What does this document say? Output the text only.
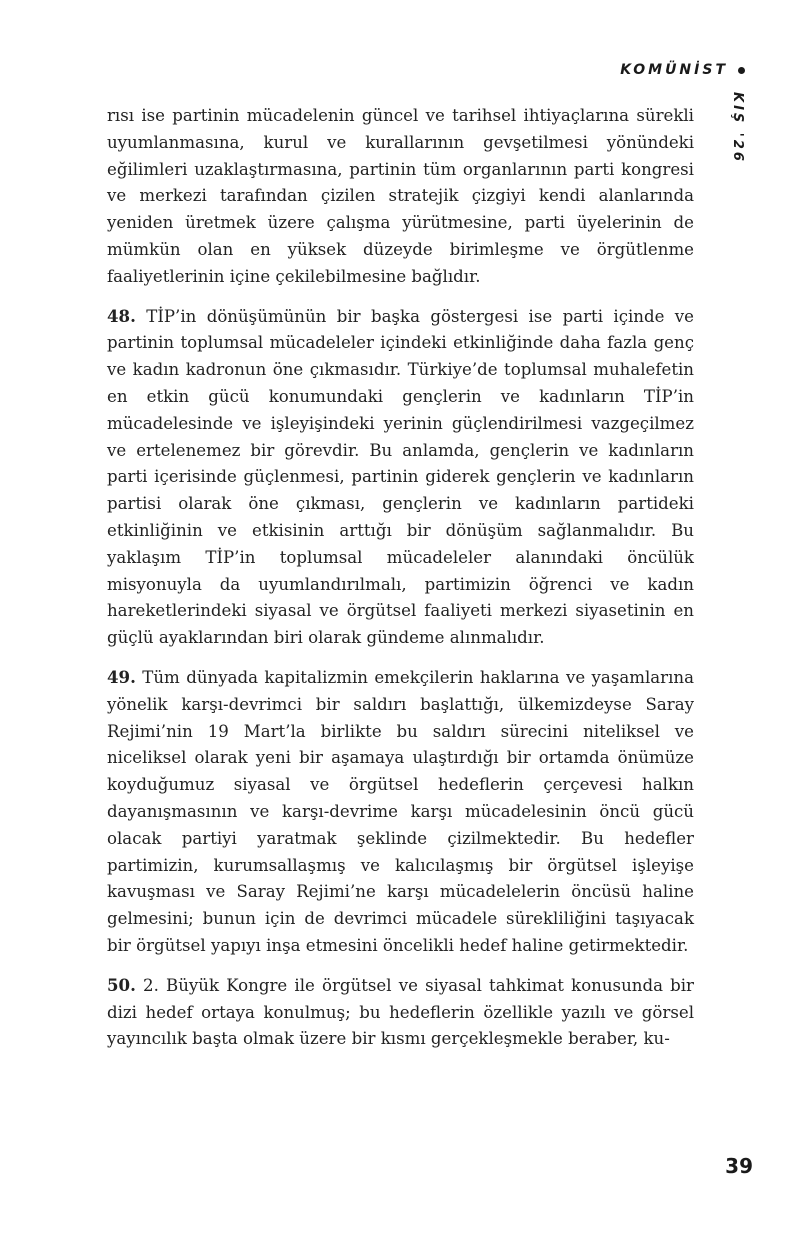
KOMÜNİST
KIŞ '26

rısı ise partinin mücadelenin güncel ve tarihsel ihtiyaçlarına sürekli uyumlanmasına, kurul ve kurallarının gevşetilmesi yönündeki eğilimleri uzaklaştırmasına, partinin tüm organlarının parti kongresi ve merkezi tarafından çizilen stratejik çizgiyi kendi alanlarında yeniden üretmek üzere çalışma yürütmesine, parti üyelerinin de mümkün olan en yüksek düzeyde birimleşme ve örgütlenme faaliyetlerinin içine çekilebilmesine bağlıdır.

48. TİP’in dönüşümünün bir başka göstergesi ise parti içinde ve partinin toplumsal mücadeleler içindeki etkinliğinde daha fazla genç ve kadın kadronun öne çıkmasıdır. Türkiye’de toplumsal muhalefetin en etkin gücü konumundaki gençlerin ve kadınların TİP’in mücadelesinde ve işleyişindeki yerinin güçlendirilmesi vazgeçilmez ve ertelenemez bir görevdir. Bu anlamda, gençlerin ve kadınların parti içerisinde güçlenmesi, partinin giderek gençlerin ve kadınların partisi olarak öne çıkması, gençlerin ve kadınların partideki etkinliğinin ve etkisinin arttığı bir dönüşüm sağlanmalıdır. Bu yaklaşım TİP’in toplumsal mücadeleler alanındaki öncülük misyonuyla da uyumlandırılmalı, partimizin öğrenci ve kadın hareketlerindeki siyasal ve örgütsel faaliyeti merkezi siyasetinin en güçlü ayaklarından biri olarak gündeme alınmalıdır.

49. Tüm dünyada kapitalizmin emekçilerin haklarına ve yaşamlarına yönelik karşı-devrimci bir saldırı başlattığı, ülkemizdeyse Saray Rejimi’nin 19 Mart’la birlikte bu saldırı sürecini niteliksel ve niceliksel olarak yeni bir aşamaya ulaştırdığı bir ortamda önümüze koyduğumuz siyasal ve örgütsel hedeflerin çerçevesi halkın dayanışmasının ve karşı-devrime karşı mücadelesinin öncü gücü olacak partiyi yaratmak şeklinde çizilmektedir. Bu hedefler partimizin, kurumsallaşmış ve kalıcılaşmış bir örgütsel işleyişe kavuşması ve Saray Rejimi’ne karşı mücadelelerin öncüsü haline gelmesini; bunun için de devrimci mücadele sürekliliğini taşıyacak bir örgütsel yapıyı inşa etmesini öncelikli hedef haline getirmektedir.

50. 2. Büyük Kongre ile örgütsel ve siyasal tahkimat konusunda bir dizi hedef ortaya konulmuş; bu hedeflerin özellikle yazılı ve görsel yayıncılık başta olmak üzere bir kısmı gerçekleşmekle beraber, ku-

39
